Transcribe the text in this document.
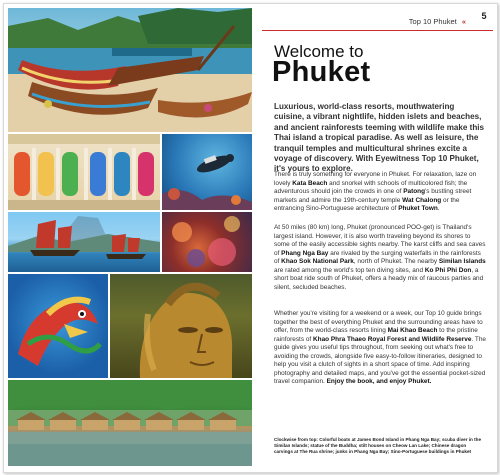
Top 10 Phuket «
5
Welcome to
Phuket
Luxurious, world-class resorts, mouthwatering cuisine, a vibrant nightlife, hidden islets and beaches, and ancient rainforests teeming with wildlife make this Thai island a tropical paradise. As well as leisure, the tranquil temples and multicultural shrines excite a voyage of discovery. With Eyewitness Top 10 Phuket, it's yours to explore.
There is truly something for everyone in Phuket. For relaxation, laze on lovely Kata Beach and snorkel with schools of multicolored fish; the adventurous should join the crowds in one of Patong's bustling street markets and admire the 19th-century temple Wat Chalong or the entrancing Sino-Portuguese architecture of Phuket Town.
At 50 miles (80 km) long, Phuket (pronounced POO-get) is Thailand's largest island. However, it is also worth traveling beyond its shores to some of the easily accessible sights nearby. The karst cliffs and sea caves of Phang Nga Bay are rivaled by the surging waterfalls in the rainforests of Khao Sok National Park, north of Phuket. The nearby Similan Islands are rated among the world's top ten diving sites, and Ko Phi Phi Don, a short boat ride south of Phuket, offers a heady mix of raucous parties and silent, secluded beaches.
Whether you're visiting for a weekend or a week, our Top 10 guide brings together the best of everything Phuket and the surrounding areas have to offer, from the world-class resorts lining Mai Khao Beach to the pristine rainforests of Khao Phra Thaeo Royal Forest and Wildlife Reserve. The guide gives you useful tips throughout, from seeking out what's free to avoiding the crowds, alongside five easy-to-follow itineraries, designed to help you visit a clutch of sights in a short space of time. Add inspiring photography and detailed maps, and you've got the essential pocket-sized travel companion. Enjoy the book, and enjoy Phuket.
Clockwise from top: Colorful boats at James Bond Island in Phang Nga Bay; scuba diver in the Similan Islands; statue of the Buddha; stilt houses on Cheow Lan Lake; Chinese dragon carvings at The Rua shrine; junks in Phang Nga Bay; Sino-Portuguese buildings in Phuket
